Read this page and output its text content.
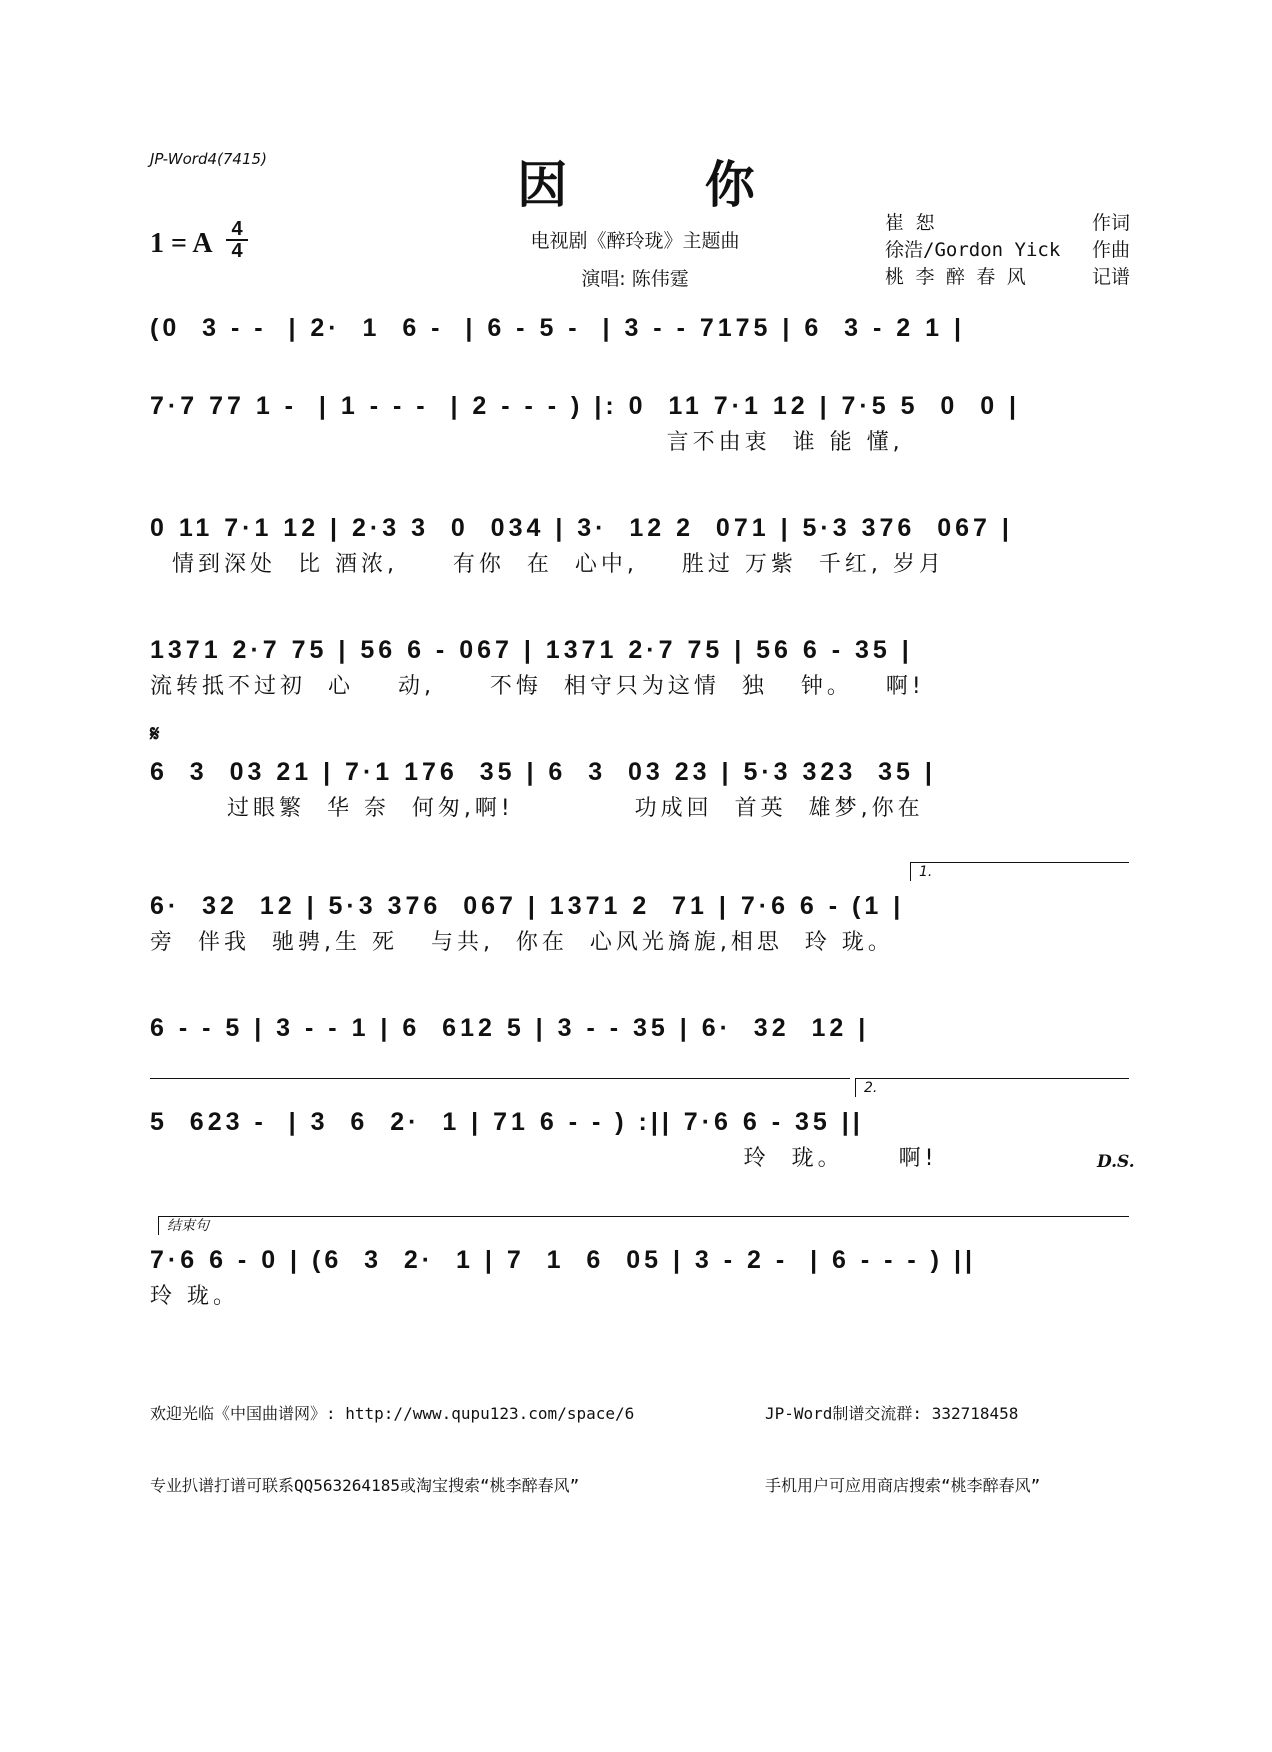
JP-Word4(7415)	因 你
1 = A 4
4	电视剧《醉玲珑》主题曲
演唱: 陈伟霆
崔 恕	作词
徐浩/Gordon Yick 作曲
桃 李 醉 春 风	记谱
(0  3 - -  | 2·  1  6 -  | 6 - 5 -  | 3 - - 7175 | 6  3 - 2 1 |
7·7 77 1 -  | 1 - - -  | 2 - - - ) |: 0  11 7·1 12 | 7·5 5  0  0 |
言不由衷  谁 能 懂,
0 11 7·1 12 | 2·3 3  0  034 | 3·  12 2  071 | 5·3 376  067 |
情到深处  比 酒浓,     有你  在  心中,    胜过 万紫  千红, 岁月
1371 2·7 75 | 56 6 - 067 | 1371 2·7 75 | 56 6 - 35 |
流转抵不过初  心    动,     不悔  相守只为这情  独   钟。   啊!
𝄋
6  3  03 21 | 7·1 176  35 | 6  3  03 23 | 5·3 323  35 |
过眼繁  华 奈  何匆,啊!           功成回  首英  雄梦,你在
1.
6·  32  12 | 5·3 376  067 | 1371 2  71 | 7·6 6 - (1 |
旁  伴我  驰骋,生 死   与共,  你在  心风光旖旎,相思  玲 珑。
6 - - 5 | 3 - - 1 | 6  612 5 | 3 - - 35 | 6·  32  12 |
2.
5  623 -  | 3  6  2·  1 | 71 6 - - ) :|| 7·6 6 - 35 ||
玲  珑。     啊!	D.S.
结束句
7·6 6 - 0 | (6  3  2·  1 | 7  1  6  05 | 3 - 2 -  | 6 - - - ) ||
玲 珑。

欢迎光临《中国曲谱网》: http://www.qupu123.com/space/6

专业扒谱打谱可联系QQ563264185或淘宝搜索“桃李醉春风”

JP-Word制谱交流群: 332718458

手机用户可应用商店搜索“桃李醉春风”
